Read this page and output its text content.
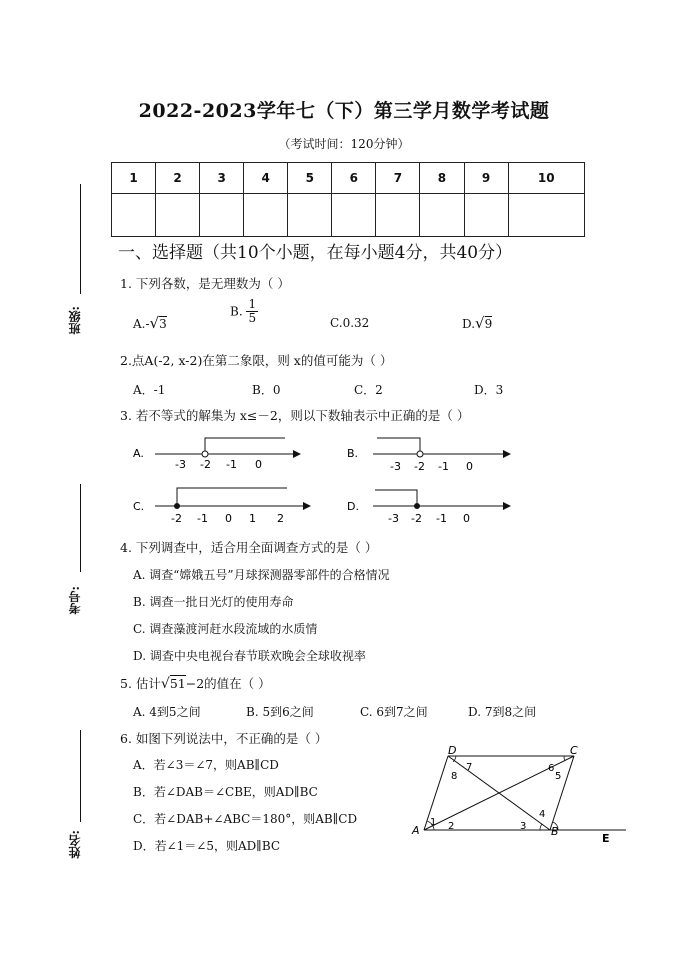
2022-2023学年七（下）第三学月数学考试题
（考试时间：120分钟）
1	2	3	4	5	6	7	8	9	10

班级:
考号:
姓名:
一、选择题（共10个小题，在每小题4分，共40分）
1. 下列各数，是无理数为（ ）
A.-√3
B. $\frac{1}{5}$	C.0.32	D.√9
2.点A(-2, x-2)在第二象限，则 x的值可能为（ ）
A．-1	B．0	C．2	D．3
3. 若不等式的解集为 x≤－2，则以下数轴表示中正确的是（ ）
A.
-3 -2 -1 0
B.
-3 -2 -1 0
C.
-2 -1 0 1 2
D.
-3 -2 -1 0
4. 下列调查中，适合用全面调查方式的是（ ）
A. 调查“嫦娥五号”月球探测器零部件的合格情况
B. 调查一批日光灯的使用寿命
C. 调查藻渡河赶水段流域的水质情
D. 调查中央电视台春节联欢晚会全球收视率
5. 估计√51−2的值在（ ）
A. 4到5之间	B. 5到6之间	C. 6到7之间	D. 7到8之间
6. 如图下列说法中，不正确的是（ ）
A．若∠3＝∠7，则AB∥CD
B．若∠DAB＝∠CBE，则AD∥BC
C．若∠DAB+∠ABC＝180°，则AB∥CD
D．若∠1＝∠5，则AD∥BC
A	B
C
D
E
1 2	3
4
5
6
7
8
